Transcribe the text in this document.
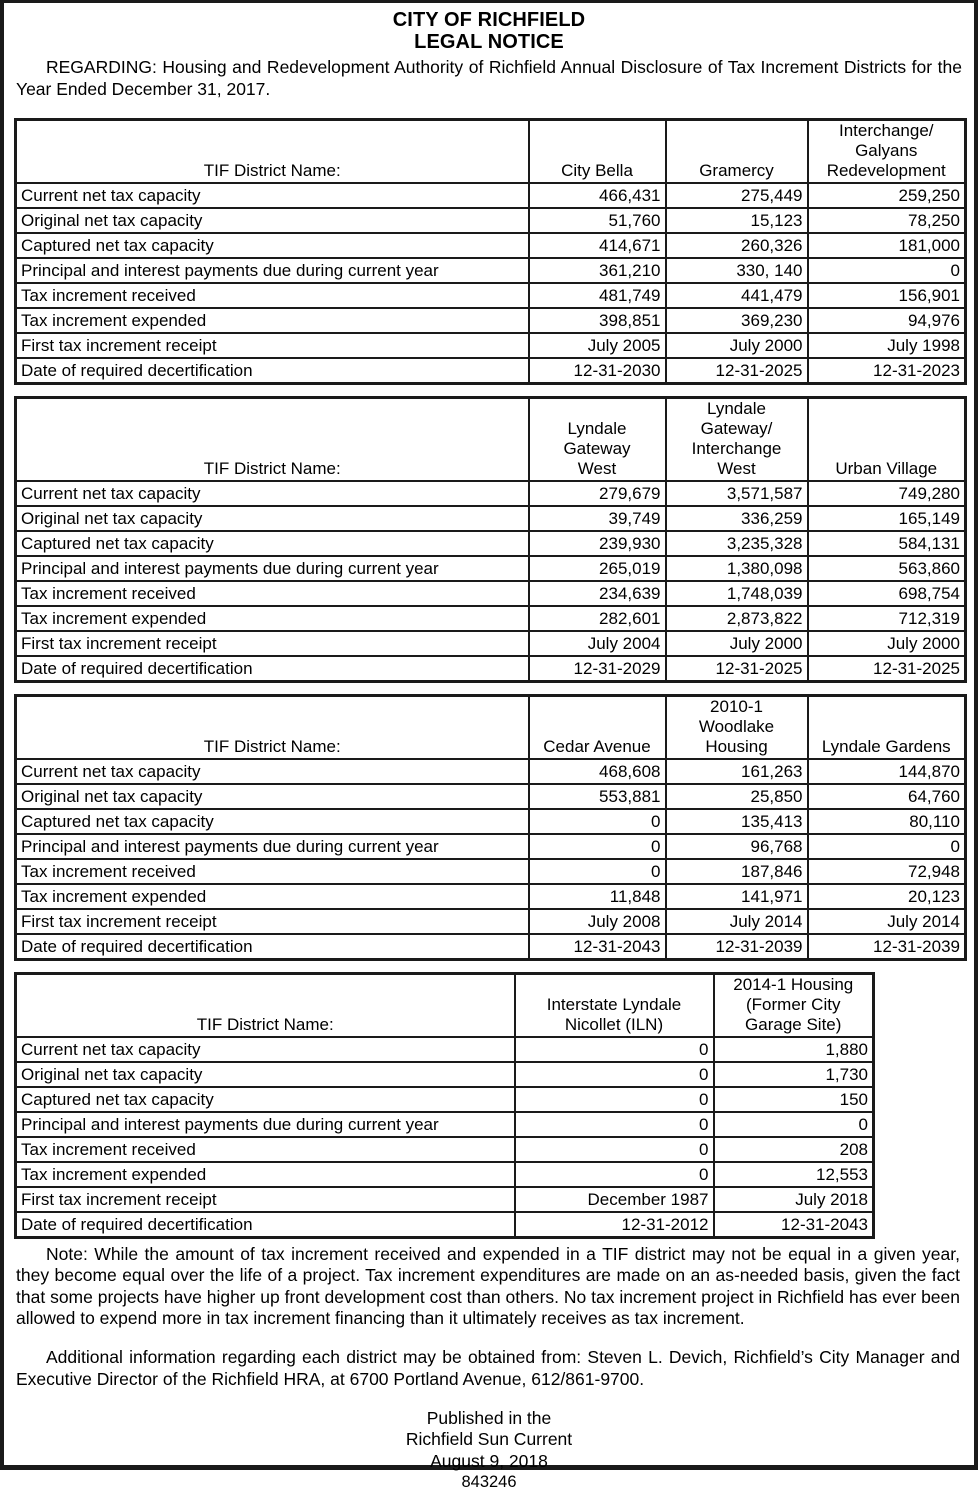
CITY OF RICHFIELD
LEGAL NOTICE

REGARDING: Housing and Redevelopment Authority of Richfield Annual Disclosure of Tax Increment Districts for the Year Ended December 31, 2017.

TIF District Name:	City Bella	Gramercy	Interchange/
Galyans
Redevelopment

Current net tax capacity	466,431	275,449	259,250
Original net tax capacity	51,760	15,123	78,250
Captured net tax capacity	414,671	260,326	181,000
Principal and interest payments due during current year	361,210	330, 140	0
Tax increment received	481,749	441,479	156,901
Tax increment expended	398,851	369,230	94,976
First tax increment receipt	July 2005	July 2000	July 1998
Date of required decertification	12-31-2030	12-31-2025	12-31-2023
TIF District Name:	Lyndale
Gateway
West	Lyndale
Gateway/
Interchange
West	Urban Village

Current net tax capacity	279,679	3,571,587	749,280
Original net tax capacity	39,749	336,259	165,149
Captured net tax capacity	239,930	3,235,328	584,131
Principal and interest payments due during current year	265,019	1,380,098	563,860
Tax increment received	234,639	1,748,039	698,754
Tax increment expended	282,601	2,873,822	712,319
First tax increment receipt	July 2004	July 2000	July 2000
Date of required decertification	12-31-2029	12-31-2025	12-31-2025
TIF District Name:	Cedar Avenue	2010-1
Woodlake
Housing	Lyndale Gardens

Current net tax capacity	468,608	161,263	144,870
Original net tax capacity	553,881	25,850	64,760
Captured net tax capacity	0	135,413	80,110
Principal and interest payments due during current year	0	96,768	0
Tax increment received	0	187,846	72,948
Tax increment expended	11,848	141,971	20,123
First tax increment receipt	July 2008	July 2014	July 2014
Date of required decertification	12-31-2043	12-31-2039	12-31-2039
TIF District Name:	Interstate Lyndale
Nicollet (ILN)	2014-1 Housing
(Former City
Garage Site)

Current net tax capacity	0	1,880
Original net tax capacity	0	1,730
Captured net tax capacity	0	150
Principal and interest payments due during current year	0	0
Tax increment received	0	208
Tax increment expended	0	12,553
First tax increment receipt	December 1987	July 2018
Date of required decertification	12-31-2012	12-31-2043

Note: While the amount of tax increment received and expended in a TIF district may not be equal in a given year, they become equal over the life of a project. Tax increment expenditures are made on an as-needed basis, given the fact that some projects have higher up front development cost than others. No tax increment project in Richfield has ever been allowed to expend more in tax increment financing than it ultimately receives as tax increment.

Additional information regarding each district may be obtained from: Steven L. Devich, Richfield’s City Manager and Executive Director of the Richfield HRA, at 6700 Portland Avenue, 612/861-9700.

Published in the
Richfield Sun Current
August 9, 2018
843246
